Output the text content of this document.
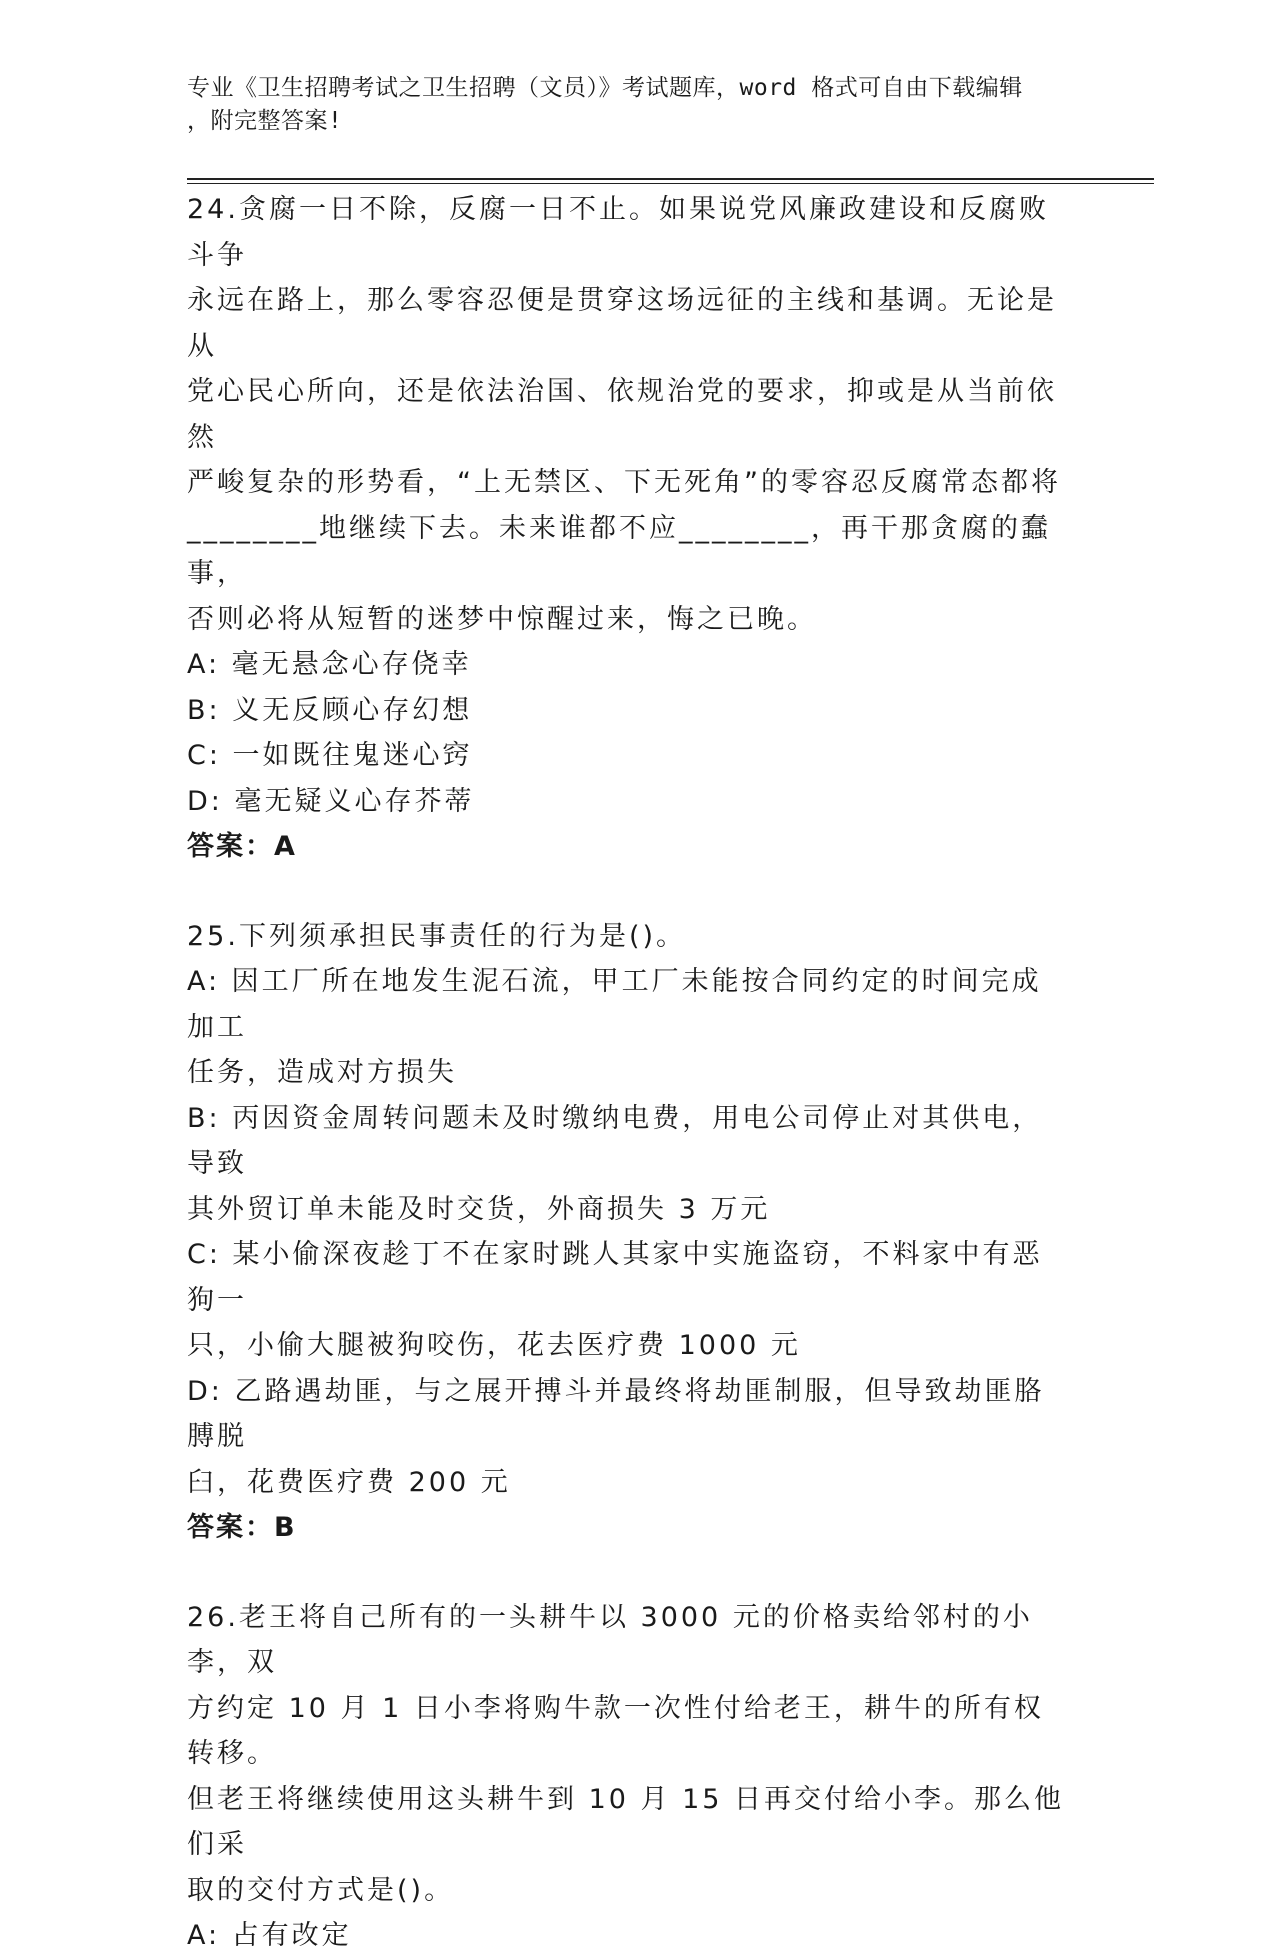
专业《卫生招聘考试之卫生招聘（文员）》考试题库，word 格式可自由下载编辑
，附完整答案!

24.贪腐一日不除，反腐一日不止。如果说党风廉政建设和反腐败斗争

永远在路上，那么零容忍便是贯穿这场远征的主线和基调。无论是从

党心民心所向，还是依法治国、依规治党的要求，抑或是从当前依然

严峻复杂的形势看，“上无禁区、下无死角”的零容忍反腐常态都将

________地继续下去。未来谁都不应________，再干那贪腐的蠢事，

否则必将从短暂的迷梦中惊醒过来，悔之已晚。

A: 毫无悬念心存侥幸

B: 义无反顾心存幻想

C: 一如既往鬼迷心窍

D: 毫无疑义心存芥蒂

答案：A

25.下列须承担民事责任的行为是()。

A: 因工厂所在地发生泥石流，甲工厂未能按合同约定的时间完成加工

任务，造成对方损失

B: 丙因资金周转问题未及时缴纳电费，用电公司停止对其供电，导致

其外贸订单未能及时交货，外商损失 3 万元

C: 某小偷深夜趁丁不在家时跳人其家中实施盗窃，不料家中有恶狗一

只，小偷大腿被狗咬伤，花去医疗费 1000 元

D: 乙路遇劫匪，与之展开搏斗并最终将劫匪制服，但导致劫匪胳膊脱

臼，花费医疗费 200 元

答案：B

26.老王将自己所有的一头耕牛以 3000 元的价格卖给邻村的小李，双

方约定 10 月 1 日小李将购牛款一次性付给老王，耕牛的所有权转移。

但老王将继续使用这头耕牛到 10 月 15 日再交付给小李。那么他们采

取的交付方式是()。

A: 占有改定
